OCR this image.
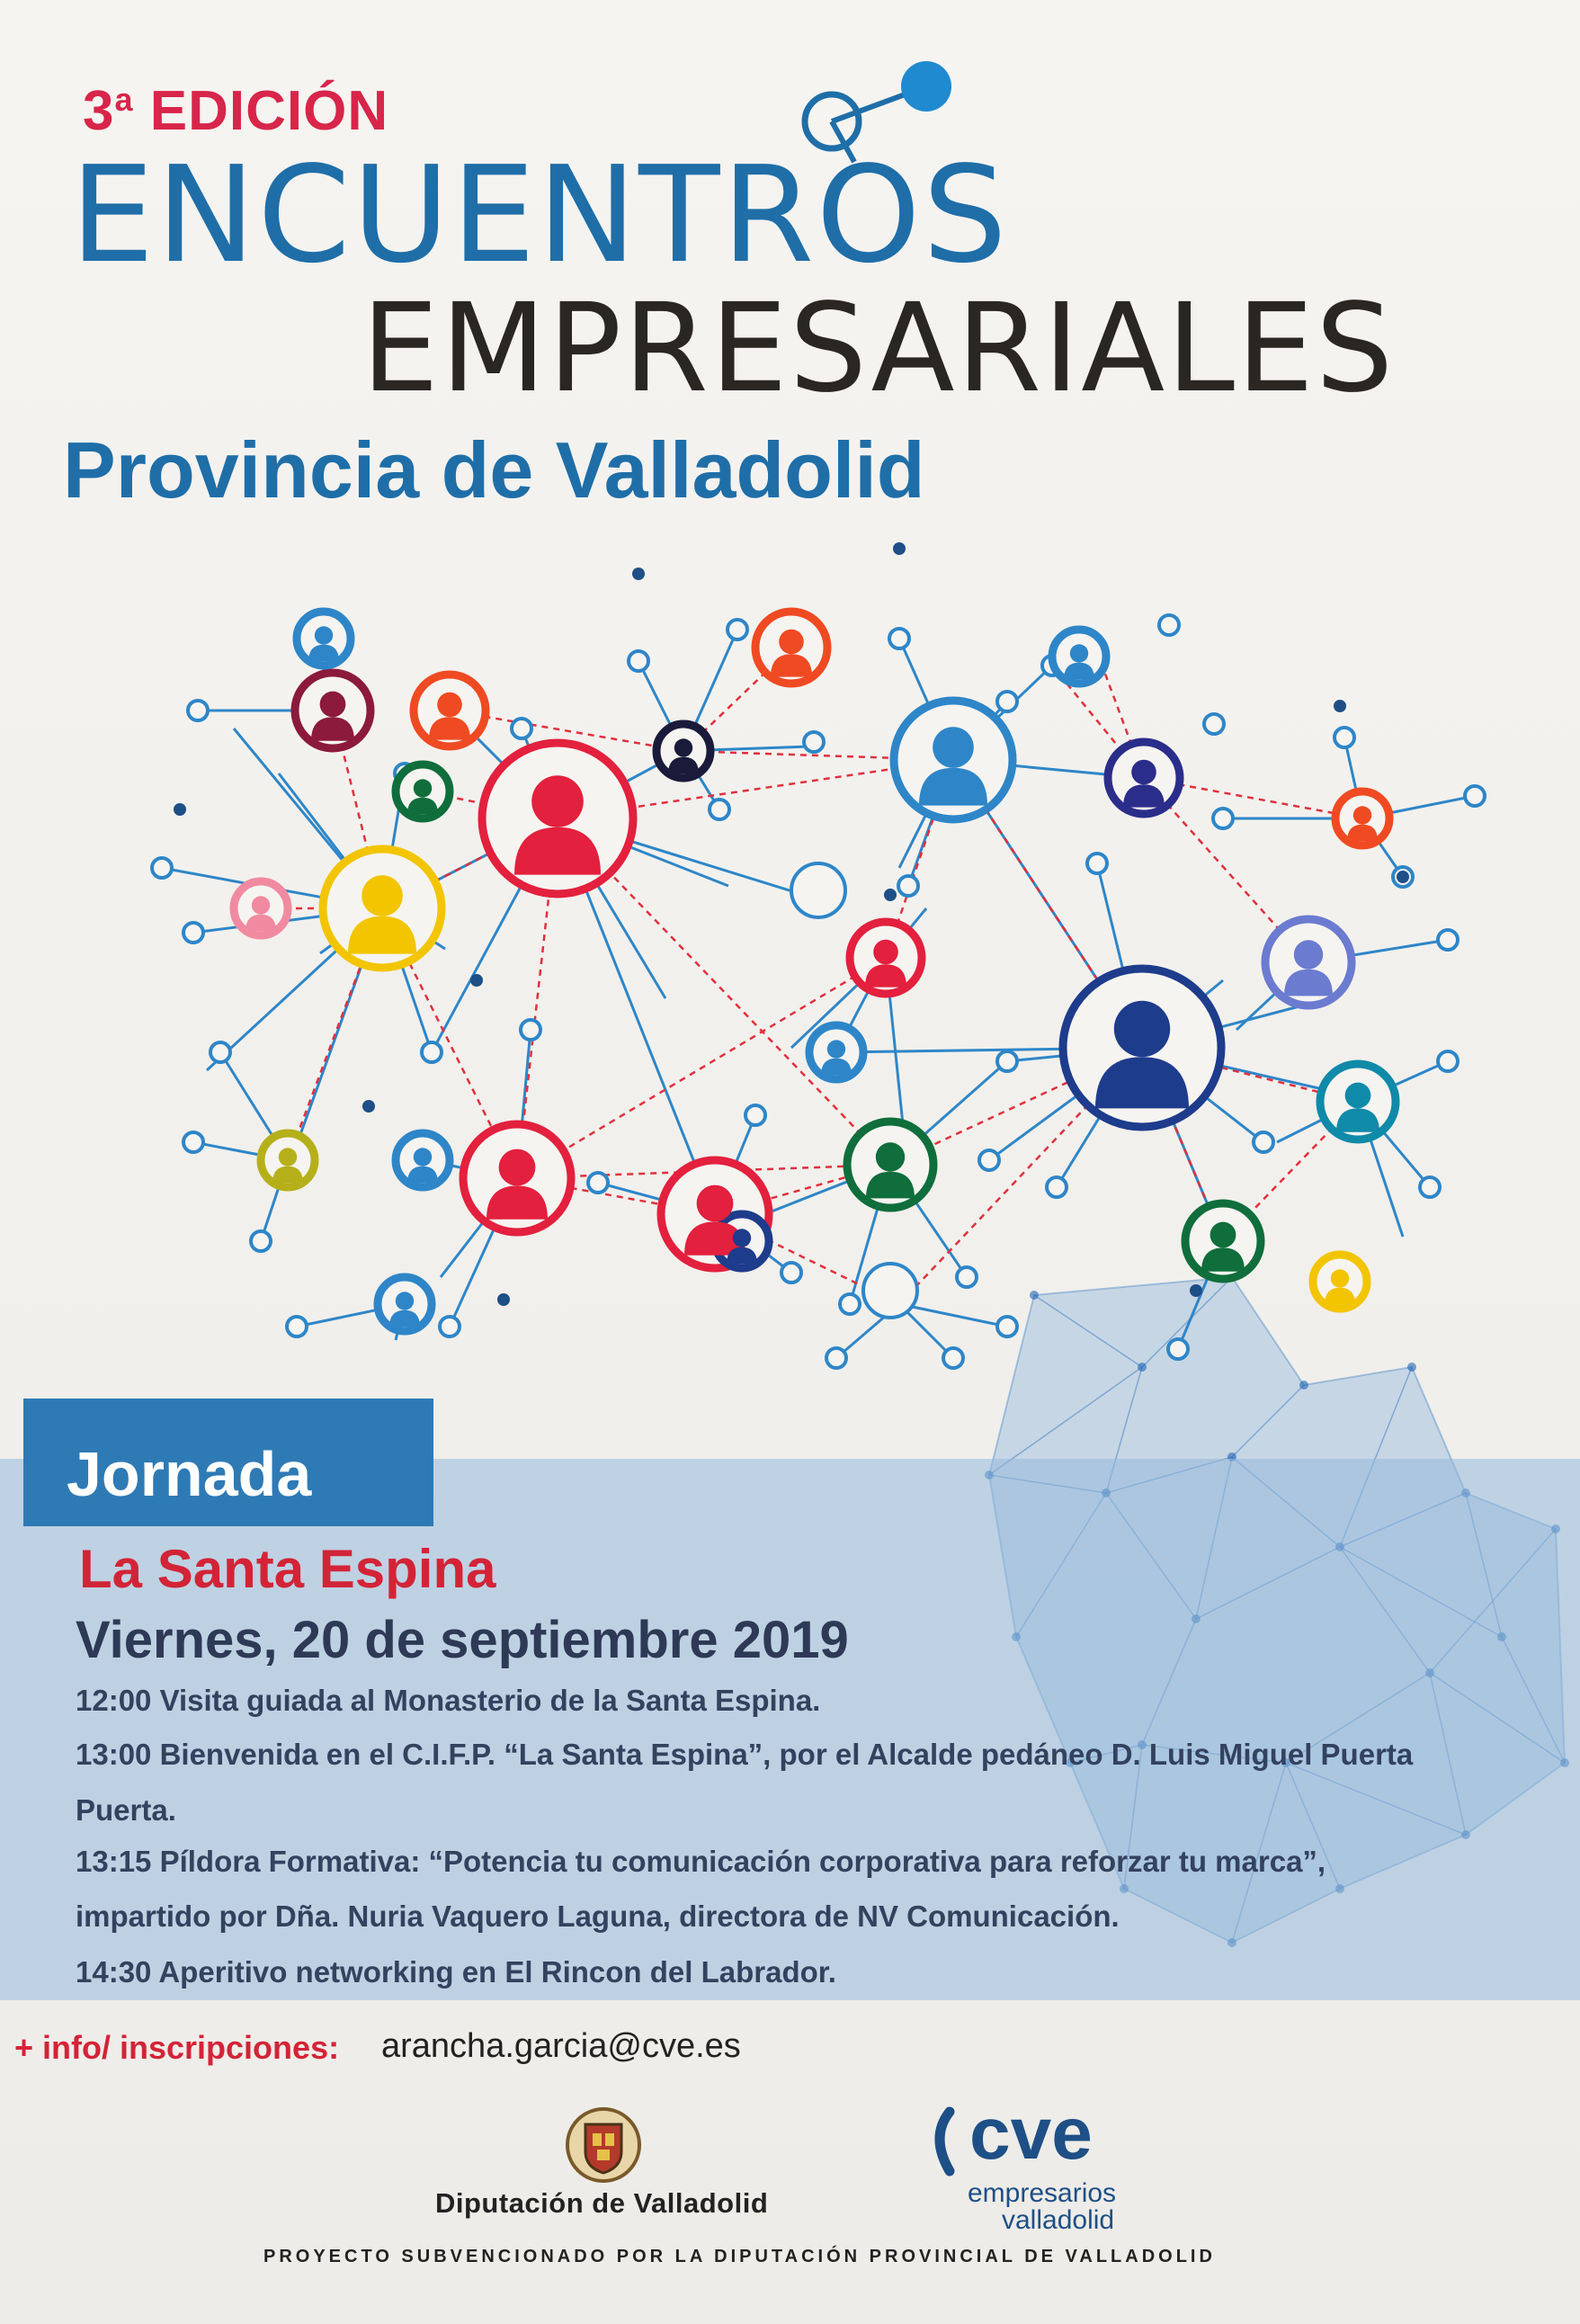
3$^a$ EDICIÓN
ENCUENTROS
EMPRESARIALES
Provincia de Valladolid
Jornada
La Santa Espina
Viernes, 20 de septiembre 2019
12:00 Visita guiada al Monasterio de la Santa Espina.
13:00 Bienvenida en el C.I.F.P. “La Santa Espina”, por el Alcalde pedáneo D. Luis Miguel Puerta
Puerta.
13:15 Píldora Formativa: “Potencia tu comunicación corporativa para reforzar tu marca”,
impartido por Dña. Nuria Vaquero Laguna, directora de NV Comunicación.
14:30 Aperitivo networking en El Rincon del Labrador.
+ info/ inscripciones: arancha.garcia@cve.es
Diputación de Valladolid
cve
empresarios
valladolid
PROYECTO SUBVENCIONADO POR LA DIPUTACIÓN PROVINCIAL DE VALLADOLID
